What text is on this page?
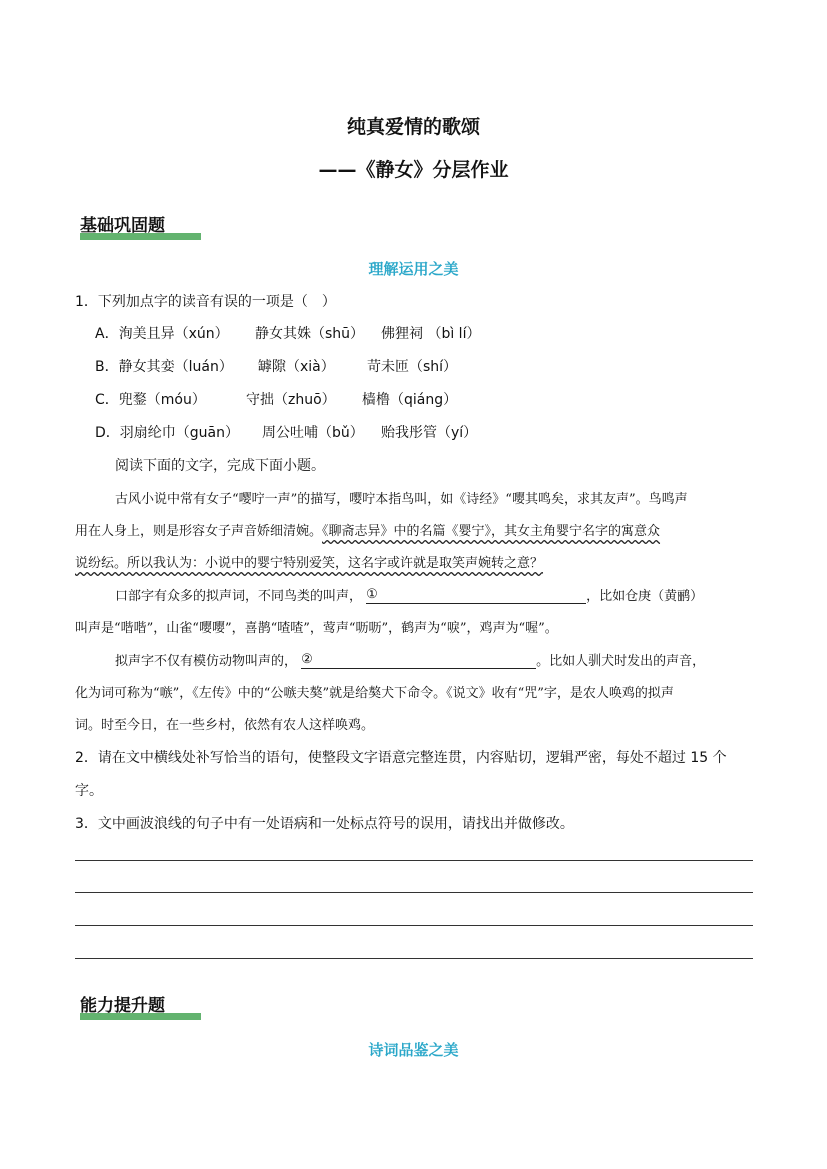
纯真爱情的歌颂
——《静女》分层作业
基础巩固题
理解运用之美
1．下列加点字的读音有误的一项是（　）
A．洵美且异（xún） 静女其姝（shū） 佛狸祠 （bì lí）
B．静女其娈（luán） 罅隙（xià） 苛未匝（shí）
C．兜鍪（móu）	守拙（zhuō） 樯橹（qiáng）
D．羽扇纶巾（guān） 周公吐哺（bǔ） 贻我彤管（yí）
阅读下面的文字，完成下面小题。
古风小说中常有女子“嘤咛一声”的描写，嘤咛本指鸟叫，如《诗经》“嘤其鸣矣，求其友声”。鸟鸣声
用在人身上，则是形容女子声音娇细清婉。《聊斋志异》中的名篇《婴宁》，其女主角婴宁名字的寓意众
说纷纭。所以我认为：小说中的婴宁特别爱笑，这名字或许就是取笑声婉转之意？
口部字有众多的拟声词，不同鸟类的叫声， ①	，比如仓庚（黄鹂）
叫声是“喈喈”，山雀“嘤嘤”，喜鹊“喳喳”，莺声“呖呖”，鹤声为“唳”，鸡声为“喔”。
拟声字不仅有模仿动物叫声的， ②	。比如人驯犬时发出的声音，
化为词可称为“嗾”，《左传》中的“公嗾夫獒”就是给獒犬下命令。《说文》收有“咒”字，是农人唤鸡的拟声
词。时至今日，在一些乡村，依然有农人这样唤鸡。
2．请在文中横线处补写恰当的语句，使整段文字语意完整连贯，内容贴切，逻辑严密，每处不超过 15 个
字。
3．文中画波浪线的句子中有一处语病和一处标点符号的误用，请找出并做修改。
能力提升题
诗词品鉴之美
